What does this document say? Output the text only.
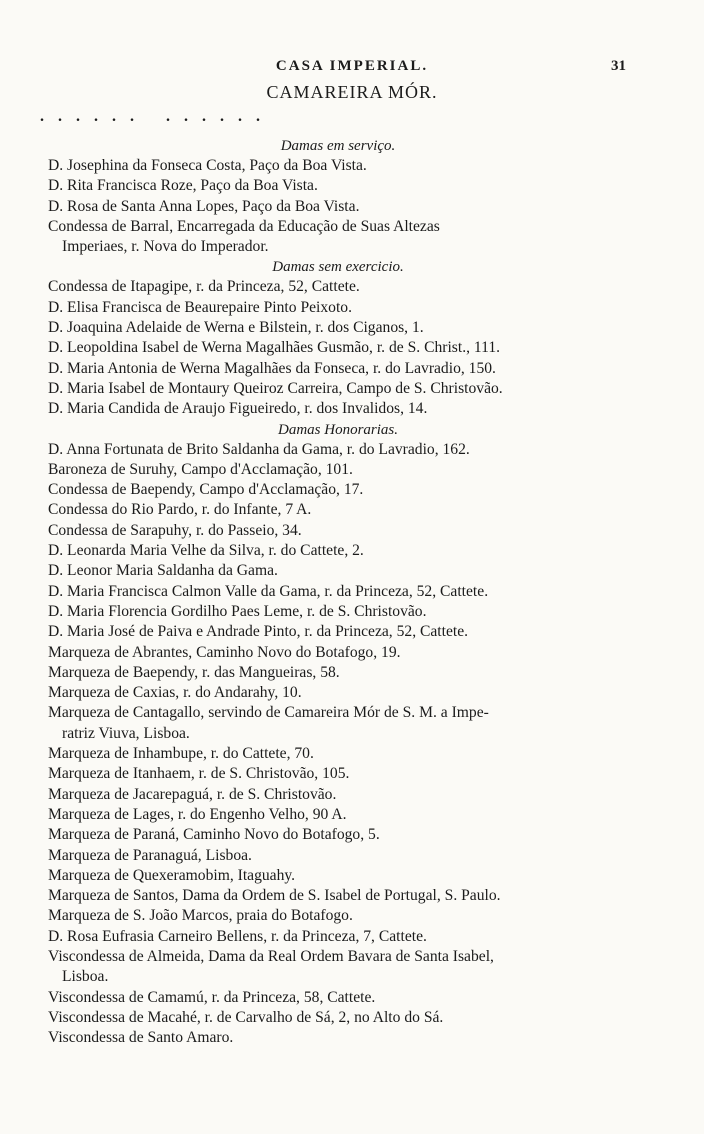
CASA IMPERIAL.	31
CAMAREIRA MÓR.
...... ......
Damas em serviço.
D. Josephina da Fonseca Costa, Paço da Boa Vista.
D. Rita Francisca Roze, Paço da Boa Vista.
D. Rosa de Santa Anna Lopes, Paço da Boa Vista.
Condessa de Barral, Encarregada da Educação de Suas Altezas
Imperiaes, r. Nova do Imperador.
Damas sem exercicio.
Condessa de Itapagipe, r. da Princeza, 52, Cattete.
D. Elisa Francisca de Beaurepaire Pinto Peixoto.
D. Joaquina Adelaide de Werna e Bilstein, r. dos Ciganos, 1.
D. Leopoldina Isabel de Werna Magalhães Gusmão, r. de S. Christ., 111.
D. Maria Antonia de Werna Magalhães da Fonseca, r. do Lavradio, 150.
D. Maria Isabel de Montaury Queiroz Carreira, Campo de S. Christovão.
D. Maria Candida de Araujo Figueiredo, r. dos Invalidos, 14.
Damas Honorarias.
D. Anna Fortunata de Brito Saldanha da Gama, r. do Lavradio, 162.
Baroneza de Suruhy, Campo d'Acclamação, 101.
Condessa de Baependy, Campo d'Acclamação, 17.
Condessa do Rio Pardo, r. do Infante, 7 A.
Condessa de Sarapuhy, r. do Passeio, 34.
D. Leonarda Maria Velhe da Silva, r. do Cattete, 2.
D. Leonor Maria Saldanha da Gama.
D. Maria Francisca Calmon Valle da Gama, r. da Princeza, 52, Cattete.
D. Maria Florencia Gordilho Paes Leme, r. de S. Christovão.
D. Maria José de Paiva e Andrade Pinto, r. da Princeza, 52, Cattete.
Marqueza de Abrantes, Caminho Novo do Botafogo, 19.
Marqueza de Baependy, r. das Mangueiras, 58.
Marqueza de Caxias, r. do Andarahy, 10.
Marqueza de Cantagallo, servindo de Camareira Mór de S. M. a Impe-
ratriz Viuva, Lisboa.
Marqueza de Inhambupe, r. do Cattete, 70.
Marqueza de Itanhaem, r. de S. Christovão, 105.
Marqueza de Jacarepaguá, r. de S. Christovão.
Marqueza de Lages, r. do Engenho Velho, 90 A.
Marqueza de Paraná, Caminho Novo do Botafogo, 5.
Marqueza de Paranaguá, Lisboa.
Marqueza de Quexeramobim, Itaguahy.
Marqueza de Santos, Dama da Ordem de S. Isabel de Portugal, S. Paulo.
Marqueza de S. João Marcos, praia do Botafogo.
D. Rosa Eufrasia Carneiro Bellens, r. da Princeza, 7, Cattete.
Viscondessa de Almeida, Dama da Real Ordem Bavara de Santa Isabel,
Lisboa.
Viscondessa de Camamú, r. da Princeza, 58, Cattete.
Viscondessa de Macahé, r. de Carvalho de Sá, 2, no Alto do Sá.
Viscondessa de Santo Amaro.
